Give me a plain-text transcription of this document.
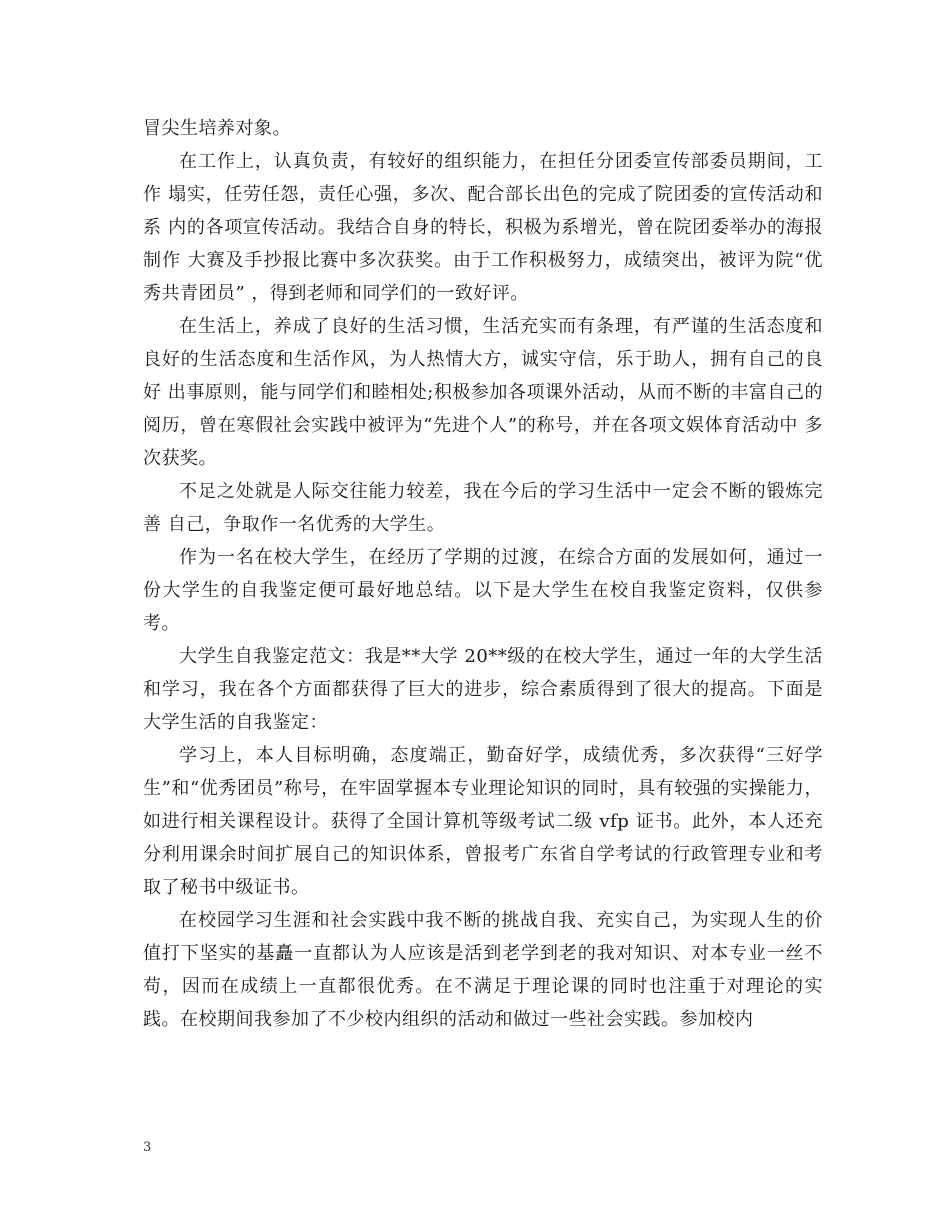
冒尖生培养对象。

在工作上，认真负责，有较好的组织能力，在担任分团委宣传部委员期间，工作 塌实，任劳任怨，责任心强，多次、配合部长出色的完成了院团委的宣传活动和系 内的各项宣传活动。我结合自身的特长，积极为系增光，曾在院团委举办的海报制作 大赛及手抄报比赛中多次获奖。由于工作积极努力，成绩突出，被评为院“优秀共青团员” ，得到老师和同学们的一致好评。

在生活上，养成了良好的生活习惯，生活充实而有条理，有严谨的生活态度和 良好的生活态度和生活作风，为人热情大方，诚实守信，乐于助人，拥有自己的良好 出事原则，能与同学们和睦相处;积极参加各项课外活动，从而不断的丰富自己的 阅历，曾在寒假社会实践中被评为“先进个人”的称号，并在各项文娱体育活动中 多次获奖。

不足之处就是人际交往能力较差，我在今后的学习生活中一定会不断的锻炼完善 自己，争取作一名优秀的大学生。

作为一名在校大学生，在经历了学期的过渡，在综合方面的发展如何，通过一份大学生的自我鉴定便可最好地总结。以下是大学生在校自我鉴定资料，仅供参考。

大学生自我鉴定范文：我是**大学 20**级的在校大学生，通过一年的大学生活和学习，我在各个方面都获得了巨大的进步，综合素质得到了很大的提高。下面是大学生活的自我鉴定：

学习上，本人目标明确，态度端正，勤奋好学，成绩优秀，多次获得“三好学生”和“优秀团员”称号，在牢固掌握本专业理论知识的同时，具有较强的实操能力，如进行相关课程设计。获得了全国计算机等级考试二级 vfp 证书。此外，本人还充分利用课余时间扩展自己的知识体系，曾报考广东省自学考试的行政管理专业和考取了秘书中级证书。

在校园学习生涯和社会实践中我不断的挑战自我、充实自己，为实现人生的价值打下坚实的基矗一直都认为人应该是活到老学到老的我对知识、对本专业一丝不苟，因而在成绩上一直都很优秀。在不满足于理论课的同时也注重于对理论的实践。在校期间我参加了不少校内组织的活动和做过一些社会实践。参加校内

3
